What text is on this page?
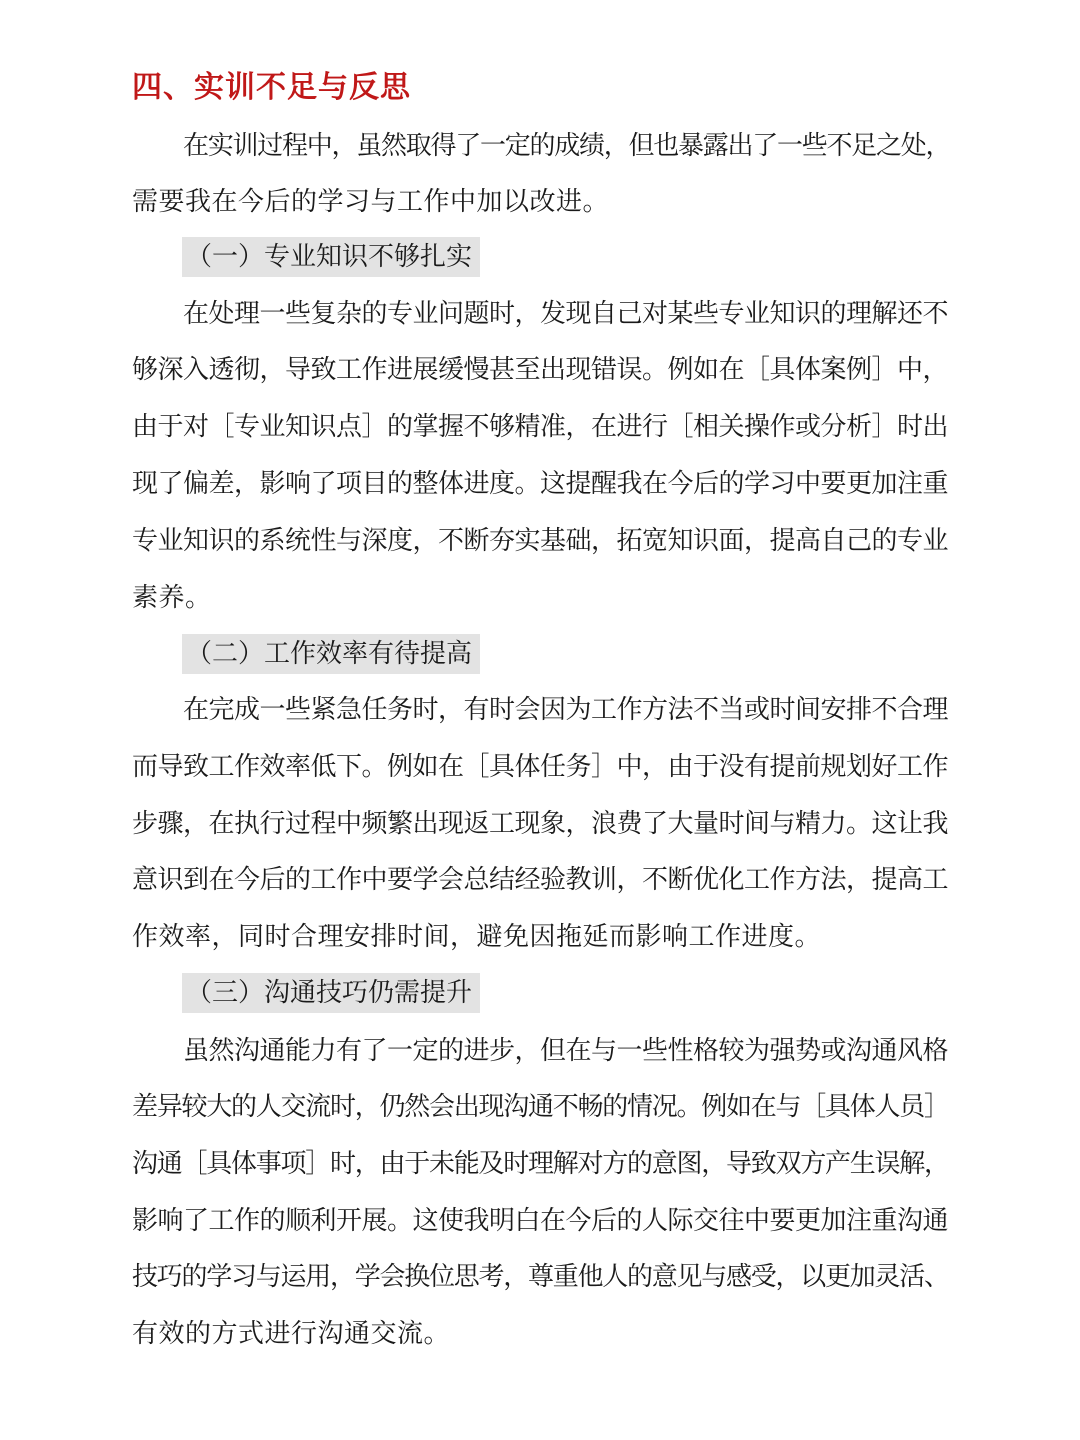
四、实训不足与反思
在实训过程中，虽然取得了一定的成绩，但也暴露出了一些不足之处，
需要我在今后的学习与工作中加以改进。
（一）专业知识不够扎实
在处理一些复杂的专业问题时，发现自己对某些专业知识的理解还不
够深入透彻，导致工作进展缓慢甚至出现错误。例如在［具体案例］中，
由于对［专业知识点］的掌握不够精准，在进行［相关操作或分析］时出
现了偏差，影响了项目的整体进度。这提醒我在今后的学习中要更加注重
专业知识的系统性与深度，不断夯实基础，拓宽知识面，提高自己的专业
素养。
（二）工作效率有待提高
在完成一些紧急任务时，有时会因为工作方法不当或时间安排不合理
而导致工作效率低下。例如在［具体任务］中，由于没有提前规划好工作
步骤，在执行过程中频繁出现返工现象，浪费了大量时间与精力。这让我
意识到在今后的工作中要学会总结经验教训，不断优化工作方法，提高工
作效率，同时合理安排时间，避免因拖延而影响工作进度。
（三）沟通技巧仍需提升
虽然沟通能力有了一定的进步，但在与一些性格较为强势或沟通风格
差异较大的人交流时，仍然会出现沟通不畅的情况。例如在与［具体人员］
沟通［具体事项］时，由于未能及时理解对方的意图，导致双方产生误解，
影响了工作的顺利开展。这使我明白在今后的人际交往中要更加注重沟通
技巧的学习与运用，学会换位思考，尊重他人的意见与感受，以更加灵活、
有效的方式进行沟通交流。
